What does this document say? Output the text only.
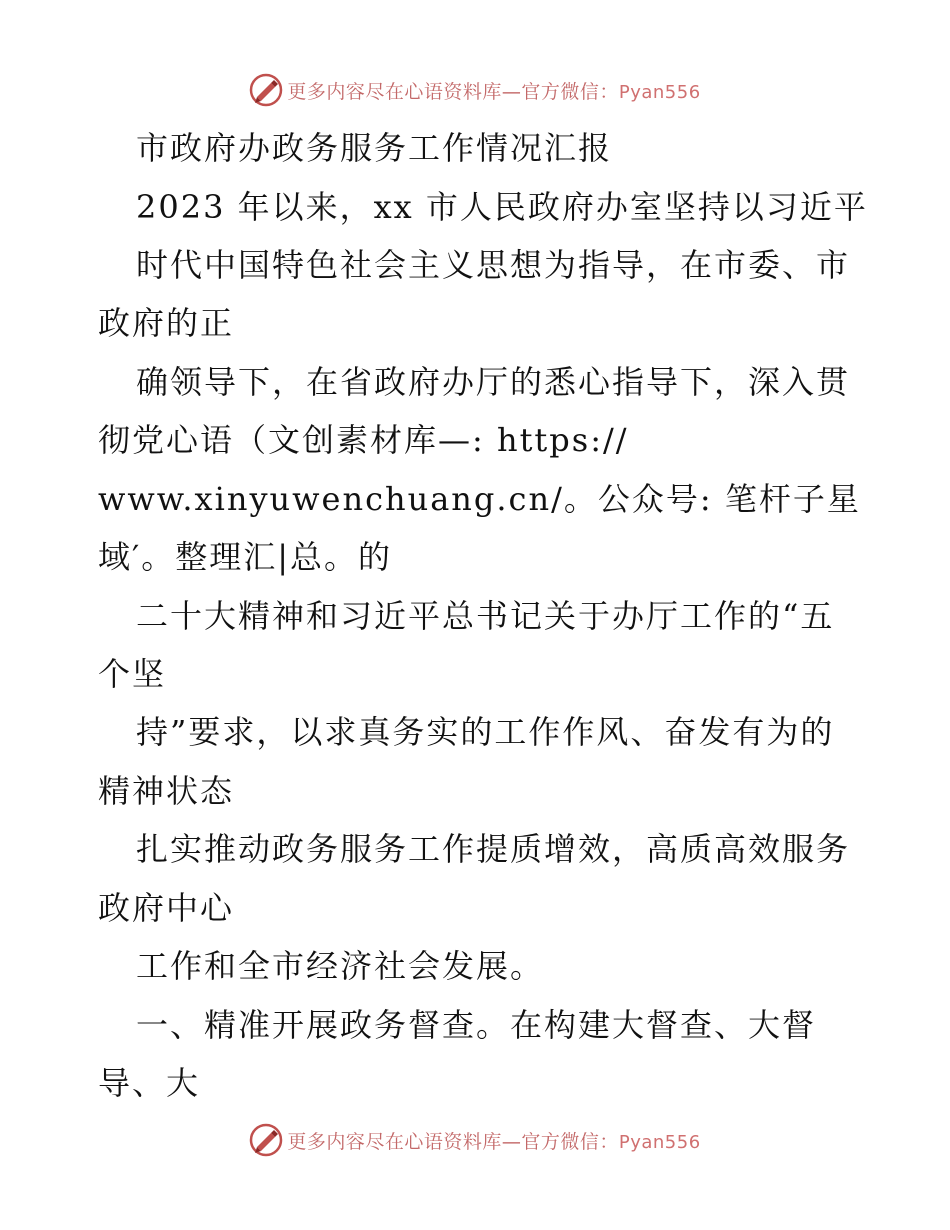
更多内容尽在心语资料库—官方微信：Pyan556
市政府办政务服务工作情况汇报
2023 年以来，xx 市人民政府办室坚持以习近平
时代中国特色社会主义思想为指导，在市委、市
政府的正
确领导下，在省政府办厅的悉心指导下，深入贯
彻党心语（文创素材库—: https://
www.xinyuwenchuang.cn/。公众号: 笔杆子星
域′。整理汇|总。的
二十大精神和习近平总书记关于办厅工作的“五
个坚
持”要求，以求真务实的工作作风、奋发有为的
精神状态
扎实推动政务服务工作提质增效，高质高效服务
政府中心
工作和全市经济社会发展。
一、精准开展政务督查。在构建大督查、大督
导、大
更多内容尽在心语资料库—官方微信：Pyan556
